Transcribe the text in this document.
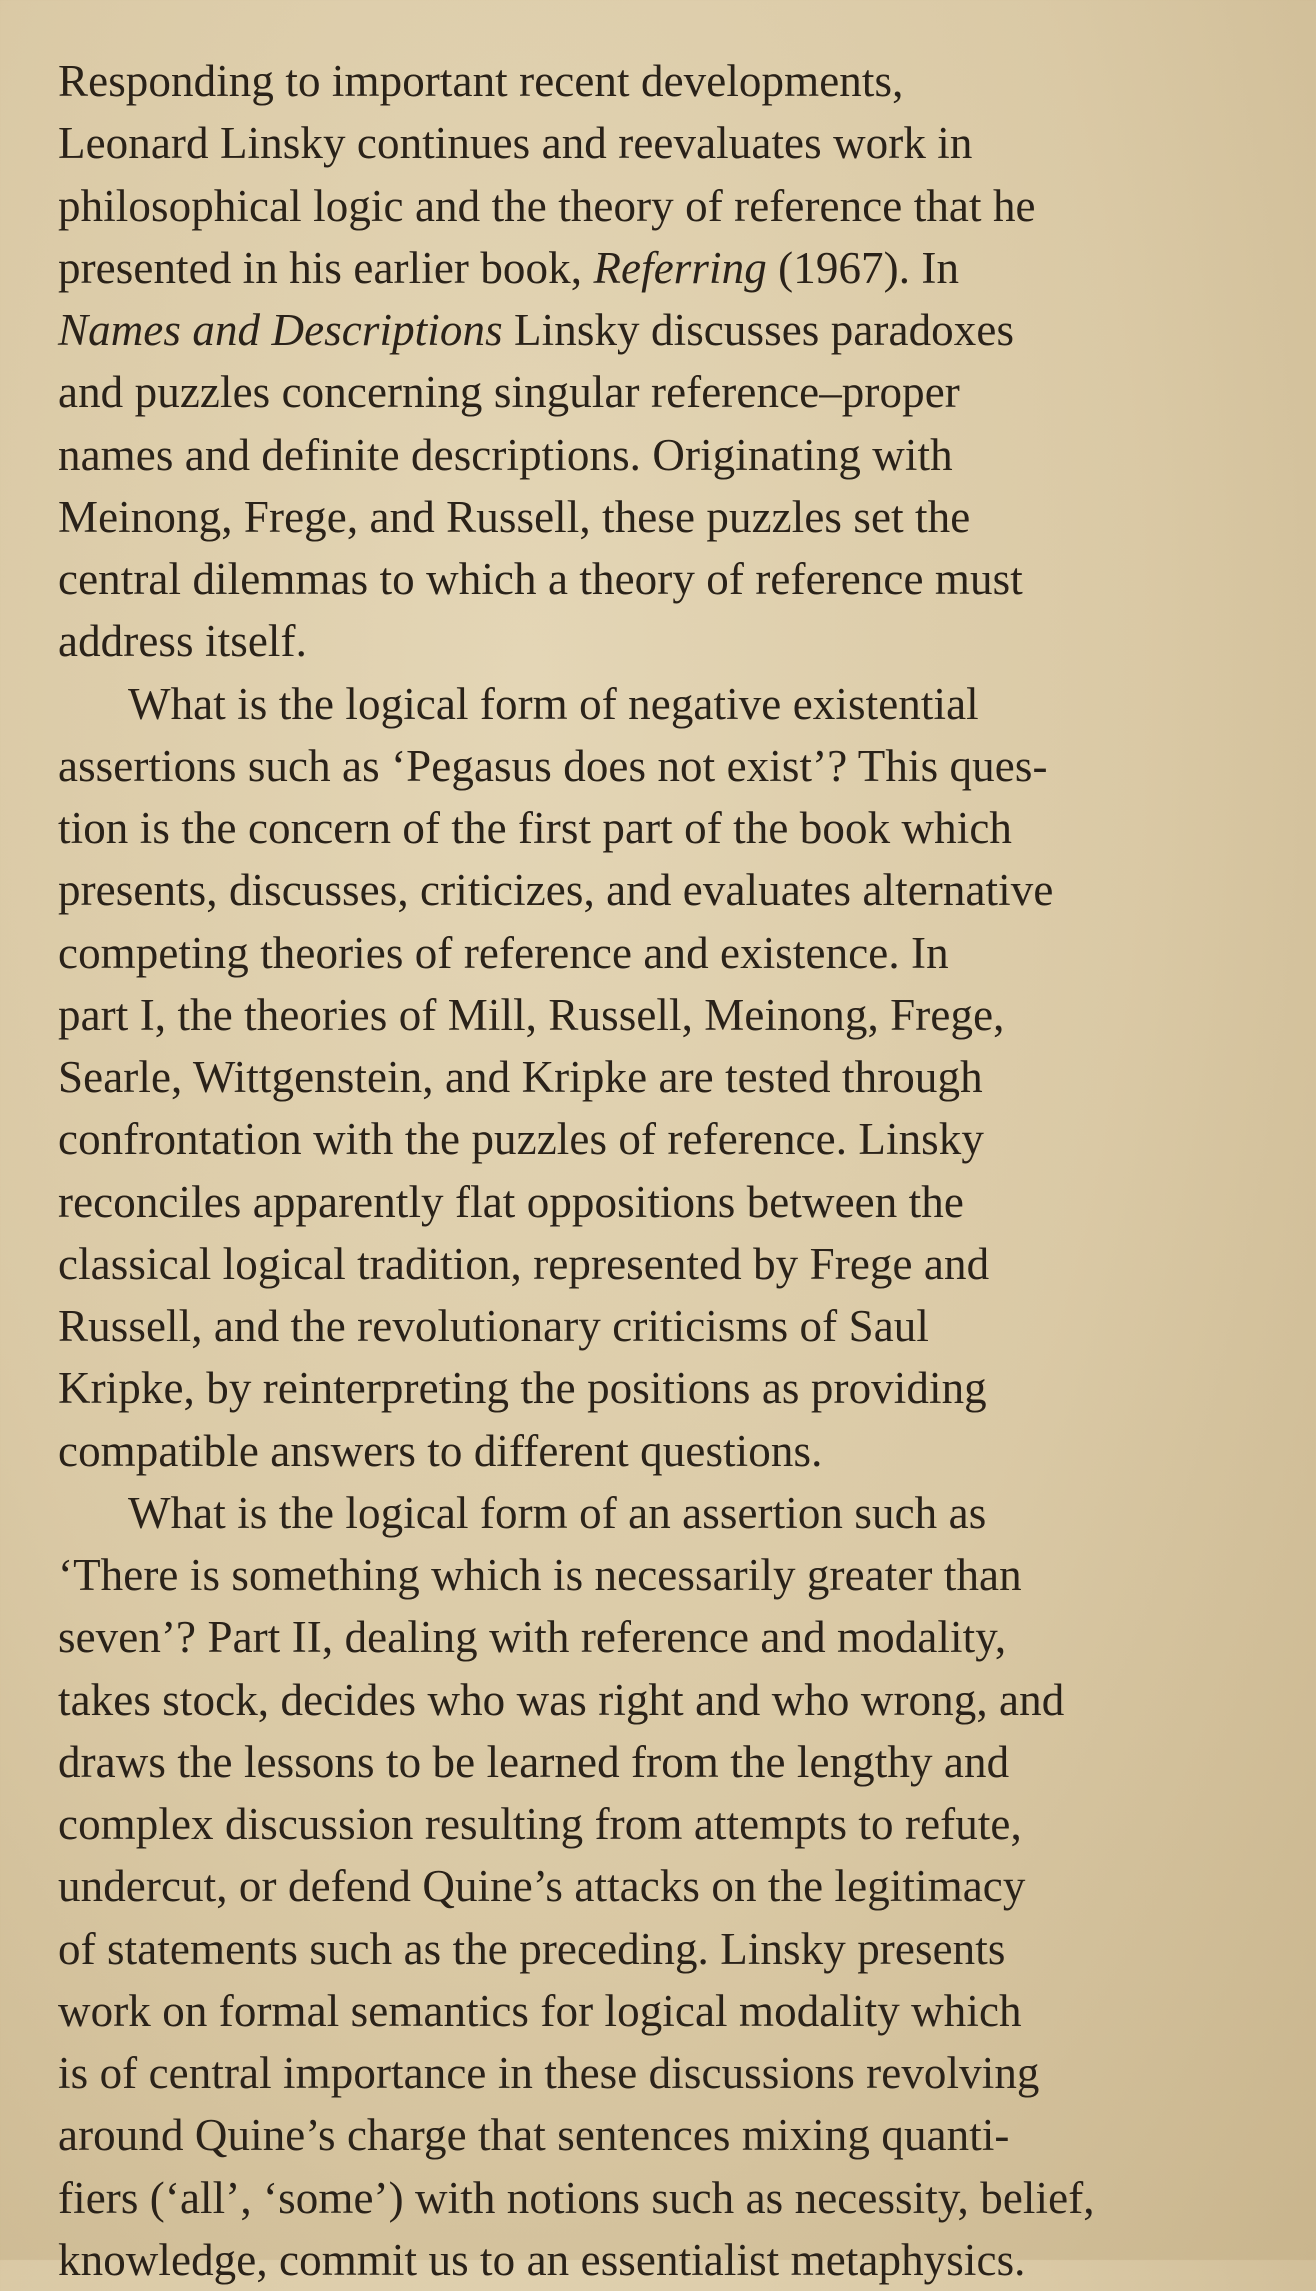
Responding to important recent developments,
Leonard Linsky continues and reevaluates work in
philosophical logic and the theory of reference that he
presented in his earlier book, Referring (1967). In
Names and Descriptions Linsky discusses paradoxes
and puzzles concerning singular reference–proper
names and definite descriptions. Originating with
Meinong, Frege, and Russell, these puzzles set the
central dilemmas to which a theory of reference must
address itself.
What is the logical form of negative existential
assertions such as ‘Pegasus does not exist’? This ques-
tion is the concern of the first part of the book which
presents, discusses, criticizes, and evaluates alternative
competing theories of reference and existence. In
part I, the theories of Mill, Russell, Meinong, Frege,
Searle, Wittgenstein, and Kripke are tested through
confrontation with the puzzles of reference. Linsky
reconciles apparently flat oppositions between the
classical logical tradition, represented by Frege and
Russell, and the revolutionary criticisms of Saul
Kripke, by reinterpreting the positions as providing
compatible answers to different questions.
What is the logical form of an assertion such as
‘There is something which is necessarily greater than
seven’? Part II, dealing with reference and modality,
takes stock, decides who was right and who wrong, and
draws the lessons to be learned from the lengthy and
complex discussion resulting from attempts to refute,
undercut, or defend Quine’s attacks on the legitimacy
of statements such as the preceding. Linsky presents
work on formal semantics for logical modality which
is of central importance in these discussions revolving
around Quine’s charge that sentences mixing quanti-
fiers (‘all’, ‘some’) with notions such as necessity, belief,
knowledge, commit us to an essentialist metaphysics.
